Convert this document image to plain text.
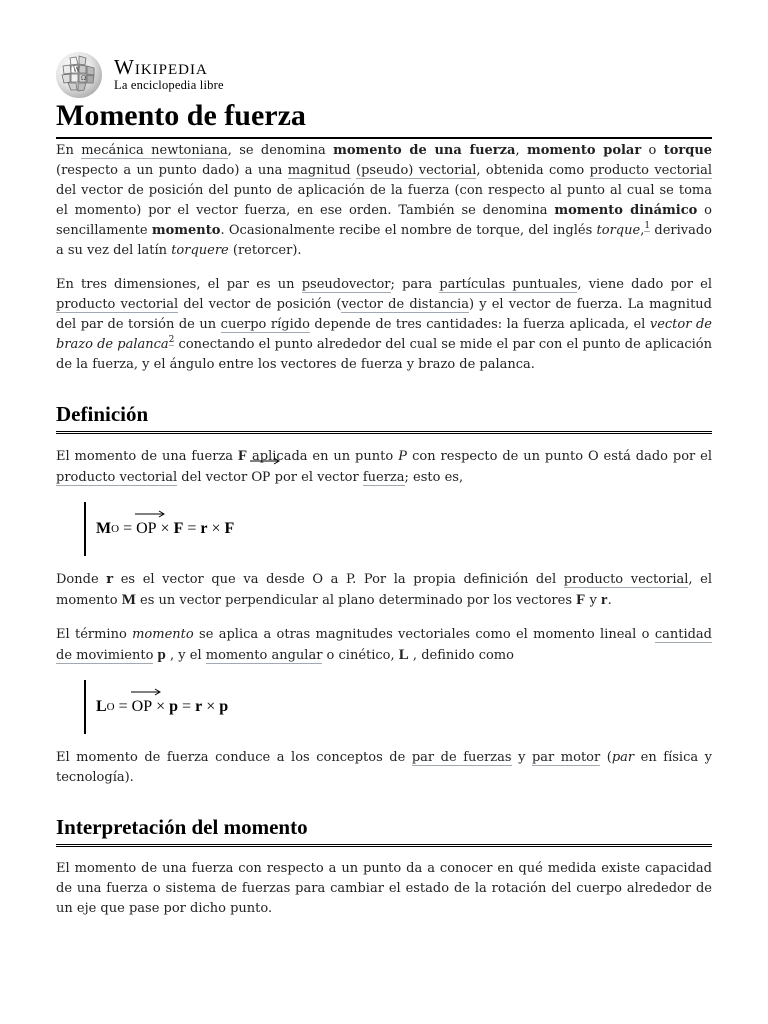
W
Ω Wikipedia
La enciclopedia libre
Momento de fuerza

En mecánica newtoniana, se denomina momento de una fuerza, momento polar o torque (respecto a un punto dado) a una magnitud (pseudo) vectorial, obtenida como producto vectorial del vector de posición del punto de aplicación de la fuerza (con respecto al punto al cual se toma el momento) por el vector fuerza, en ese orden. También se denomina momento dinámico o sencillamente momento. Ocasionalmente recibe el nombre de torque, del inglés torque,$^1$ derivado a su vez del latín torquere (retorcer).

En tres dimensiones, el par es un pseudovector; para partículas puntuales, viene dado por el producto vectorial del vector de posición (vector de distancia) y el vector de fuerza. La magnitud del par de torsión de un cuerpo rígido depende de tres cantidades: la fuerza aplicada, el vector de brazo de palanca$^2$ conectando el punto alrededor del cual se mide el par con el punto de aplicación de la fuerza, y el ángulo entre los vectores de fuerza y brazo de palanca.

Definición

El momento de una fuerza F aplicada en un punto P con respecto de un punto O está dado por el producto vectorial del vector
OP por el vector fuerza; esto es,

M O = OP × F = r × F

Donde r es el vector que va desde O a P. Por la propia definición del producto vectorial, el momento M es un vector perpendicular al plano determinado por los vectores F y r.

El término momento se aplica a otras magnitudes vectoriales como el momento lineal o cantidad de movimiento p , y el momento angular o cinético, L , definido como

L O = OP × p = r × p

El momento de fuerza conduce a los conceptos de par de fuerzas y par motor (par en física y tecnología).

Interpretación del momento

El momento de una fuerza con respecto a un punto da a conocer en qué medida existe capacidad de una fuerza o sistema de fuerzas para cambiar el estado de la rotación del cuerpo alrededor de un eje que pase por dicho punto.
